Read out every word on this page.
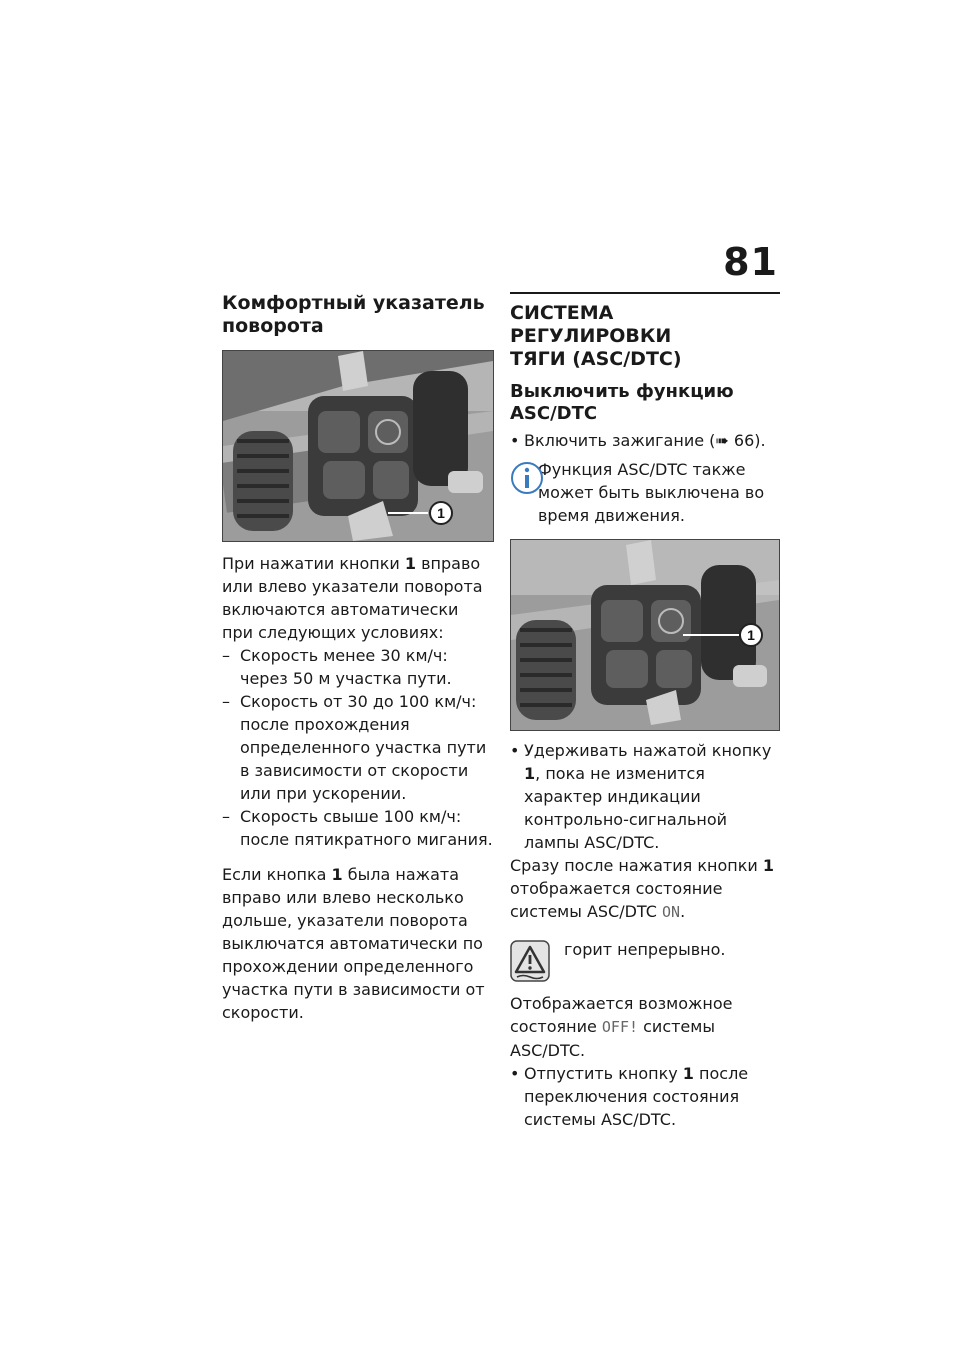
81
Комфортный указатель
поворота
1

При нажатии кнопки 1 вправо или влево указатели поворота включаются автоматически при следующих условиях:

– Скорость менее 30 км/ч: через 50 м участка пути.
– Скорость от 30 до 100 км/ч: после прохождения определенного участка пути в зависимости от скорости или при ускорении.
– Скорость свыше 100 км/ч: после пятикратного мигания.

Если кнопка 1 была нажата вправо или влево несколько дольше, указатели поворота выключатся автоматически по прохождении определенного участка пути в зависимости от скорости.

СИСТЕМА РЕГУЛИРОВКИ
ТЯГИ (ASC/DTC)
Выключить функцию ASC/DTC
• Включить зажигание (➠ 66).
Функция ASC/DTC также может быть выключена во время движения.
1
• Удерживать нажатой кнопку 1, пока не изменится характер индикации контрольно-сигнальной лампы ASC/DTC.

Сразу после нажатия кнопки 1 отображается состояние системы ASC/DTC ON.

горит непрерывно.

Отображается возможное состояние OFF! системы ASC/DTC.

• Отпустить кнопку 1 после переключения состояния системы ASC/DTC.
